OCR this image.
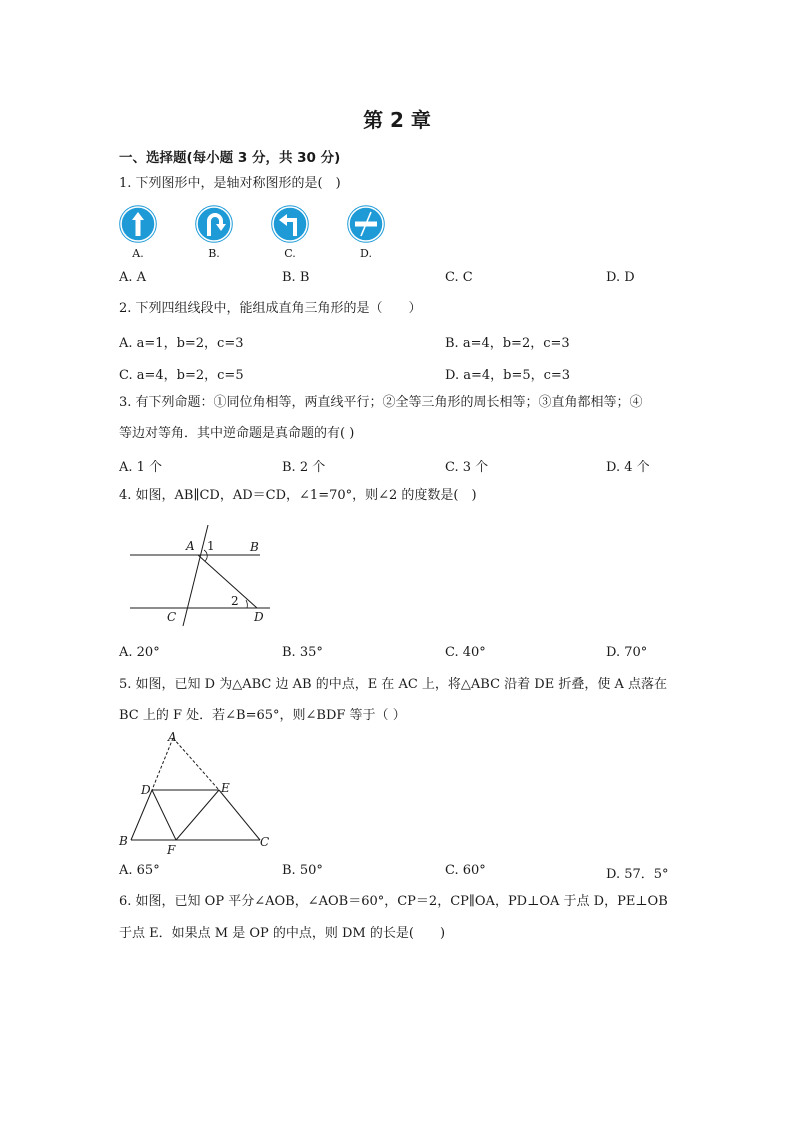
第 2 章
一、选择题(每小题 3 分，共 30 分)
1. 下列图形中，是轴对称图形的是(　)
A.	B.	C.	D.
A. A	B. B	C. C	D. D
2. 下列四组线段中，能组成直角三角形的是（　　）
A. a=1，b=2，c=3	B. a=4，b=2，c=3
C. a=4，b=2，c=5	D. a=4，b=5，c=3
3. 有下列命题：①同位角相等，两直线平行；②全等三角形的周长相等；③直角都相等；④
等边对等角．其中逆命题是真命题的有( )
A. 1 个	B. 2 个	C. 3 个	D. 4 个
4. 如图，AB∥CD，AD＝CD，∠1=70°，则∠2 的度数是(　)
A	B
C	D
1
2
A. 20°	B. 35°	C. 40°	D. 70°
5. 如图，已知 D 为△ABC 边 AB 的中点，E 在 AC 上，将△ABC 沿着 DE 折叠，使 A 点落在
BC 上的 F 处．若∠B=65°，则∠BDF 等于（ ）
A
D	E
B
F
C
A. 65°	B. 50°	C. 60°	D. 57．5°
6. 如图，已知 OP 平分∠AOB，∠AOB＝60°，CP＝2，CP∥OA，PD⊥OA 于点 D，PE⊥OB
于点 E．如果点 M 是 OP 的中点，则 DM 的长是(　　)
